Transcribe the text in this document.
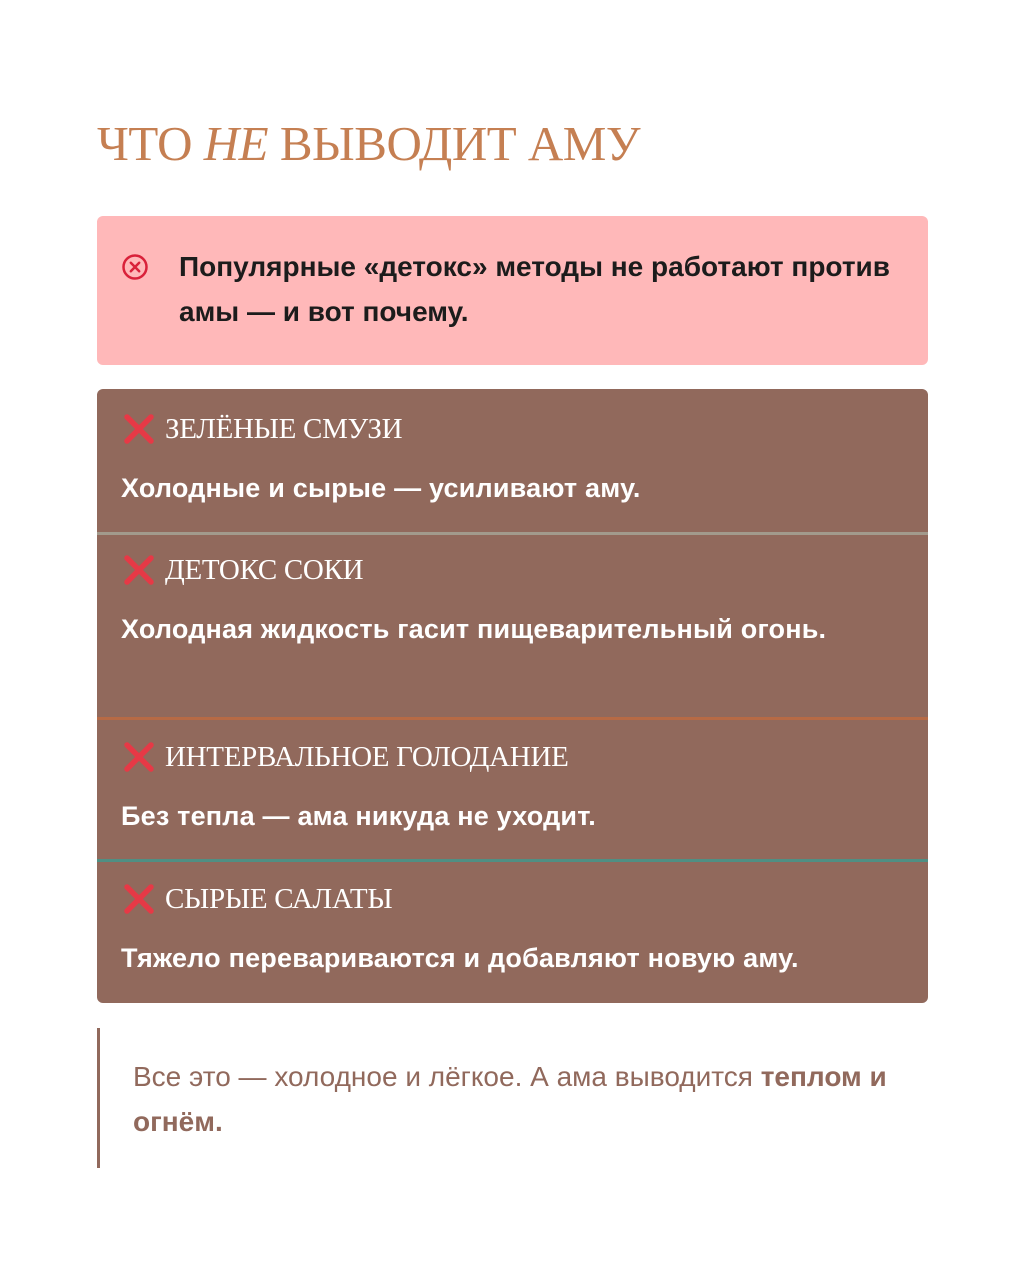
ЧТО НЕ ВЫВОДИТ АМУ
Популярные «детокс» методы не работают против амы — и вот почему.
ЗЕЛЁНЫЕ СМУЗИ
Холодные и сырые — усиливают аму.
ДЕТОКС СОКИ
Холодная жидкость гасит пищеварительный огонь.
ИНТЕРВАЛЬНОЕ ГОЛОДАНИЕ
Без тепла — ама никуда не уходит.
СЫРЫЕ САЛАТЫ
Тяжело перевариваются и добавляют новую аму.
Все это — холодное и лёгкое. А ама выводится теплом и огнём.
